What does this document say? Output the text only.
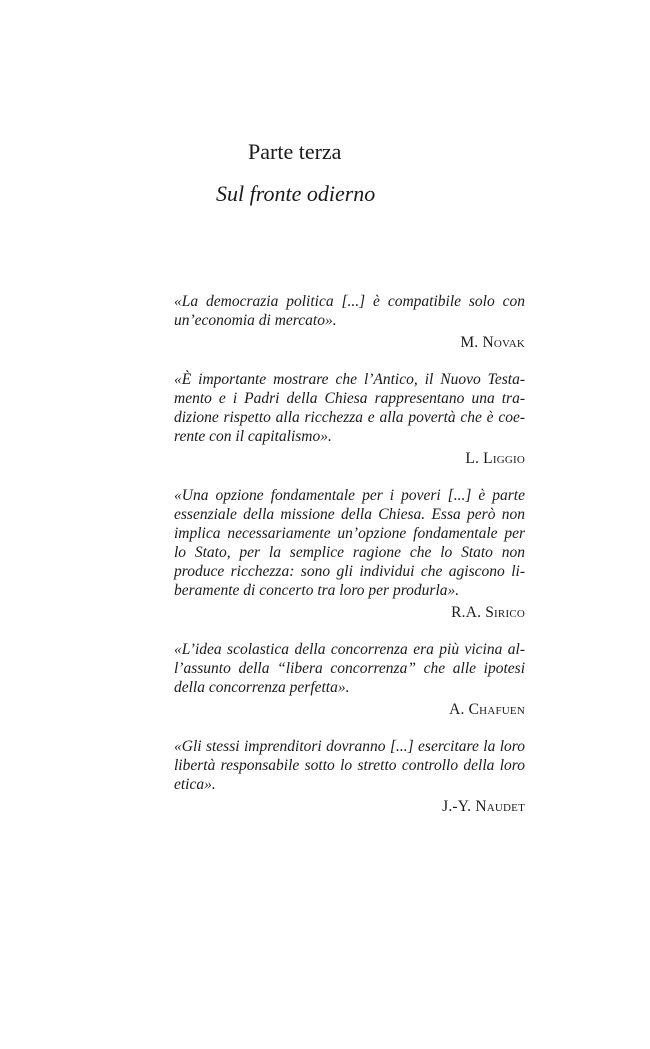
Parte terza
Sul fronte odierno

«La democrazia politica [...] è compatibile solo con un’economia di mercato».

M. Novak

«È importante mostrare che l’Antico, il Nuovo Testamento e i Padri della Chiesa rappresentano una tradizione rispetto alla ricchezza e alla povertà che è coerente con il capitalismo».

L. Liggio

«Una opzione fondamentale per i poveri [...] è parte essenziale della missione della Chiesa. Essa però non implica necessariamente un’opzione fondamentale per lo Stato, per la semplice ragione che lo Stato non produce ricchezza: sono gli individui che agiscono liberamente di concerto tra loro per produrla».

R.A. Sirico

«L’idea scolastica della concorrenza era più vicina all’assunto della “libera concorrenza” che alle ipotesi della concorrenza perfetta».

A. Chafuen

«Gli stessi imprenditori dovranno [...] esercitare la loro libertà responsabile sotto lo stretto controllo della loro etica».

J.-Y. Naudet
